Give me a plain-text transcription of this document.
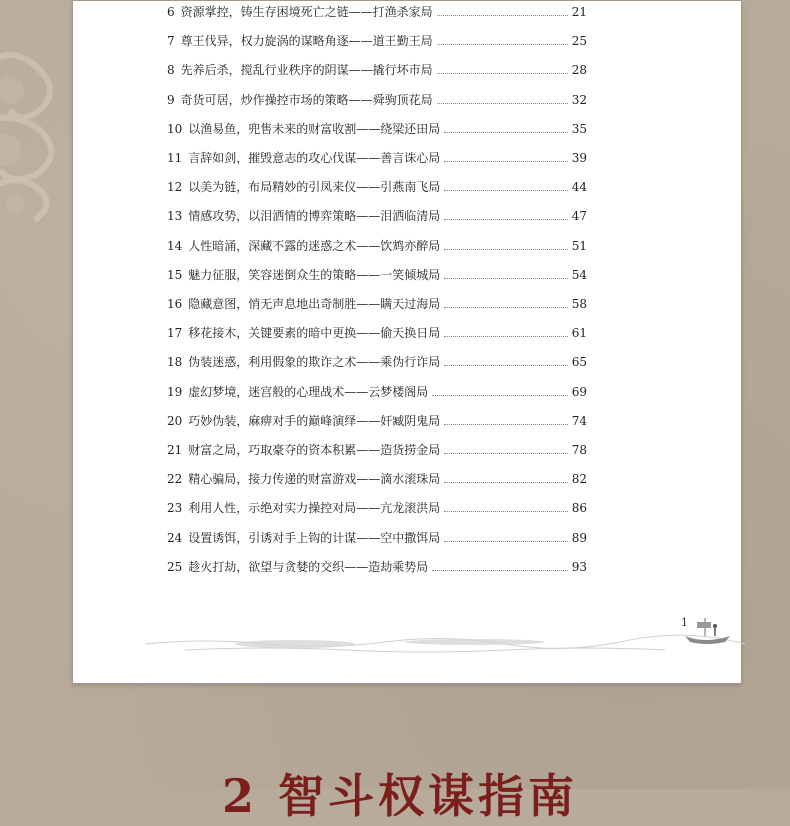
6 资源掌控，铸生存困境死亡之链——打渔杀家局	21
7 尊王伐异，权力旋涡的谋略角逐——道王勤王局	25
8 先养后杀，搅乱行业秩序的阴谋——撬行坏市局	28
9 奇货可居，炒作操控市场的策略——舜驹顶花局	32
10 以渔易鱼，兜售未来的财富收割——绕梁还田局	35
11 言辞如剑，摧毁意志的攻心伐谋——善言诛心局	39
12 以美为链，布局精妙的引凤来仪——引燕南飞局	44
13 情感攻势，以泪洒情的博弈策略——泪洒临清局	47
14 人性暗涌，深藏不露的迷惑之术——饮鸩亦醉局	51
15 魅力征服，笑容迷倒众生的策略——一笑倾城局	54
16 隐藏意图，悄无声息地出奇制胜——瞒天过海局	58
17 移花接木，关键要素的暗中更换——偷天换日局	61
18 伪装迷惑，利用假象的欺诈之术——乘伪行诈局	65
19 虚幻梦境，迷宫般的心理战术——云梦楼阁局	69
20 巧妙伪装，麻痹对手的巅峰演绎——奸臧阴鬼局	74
21 财富之局，巧取豪夺的资本积累——造货捞金局	78
22 精心骗局，接力传递的财富游戏——滴水滚珠局	82
23 利用人性，示绝对实力操控对局——亢龙滚洪局	86
24 设置诱饵，引诱对手上钩的计谋——空中撒饵局	89
25 趁火打劫，欲望与贪婪的交织——造劫乘势局	93
1
2 智斗权谋指南
